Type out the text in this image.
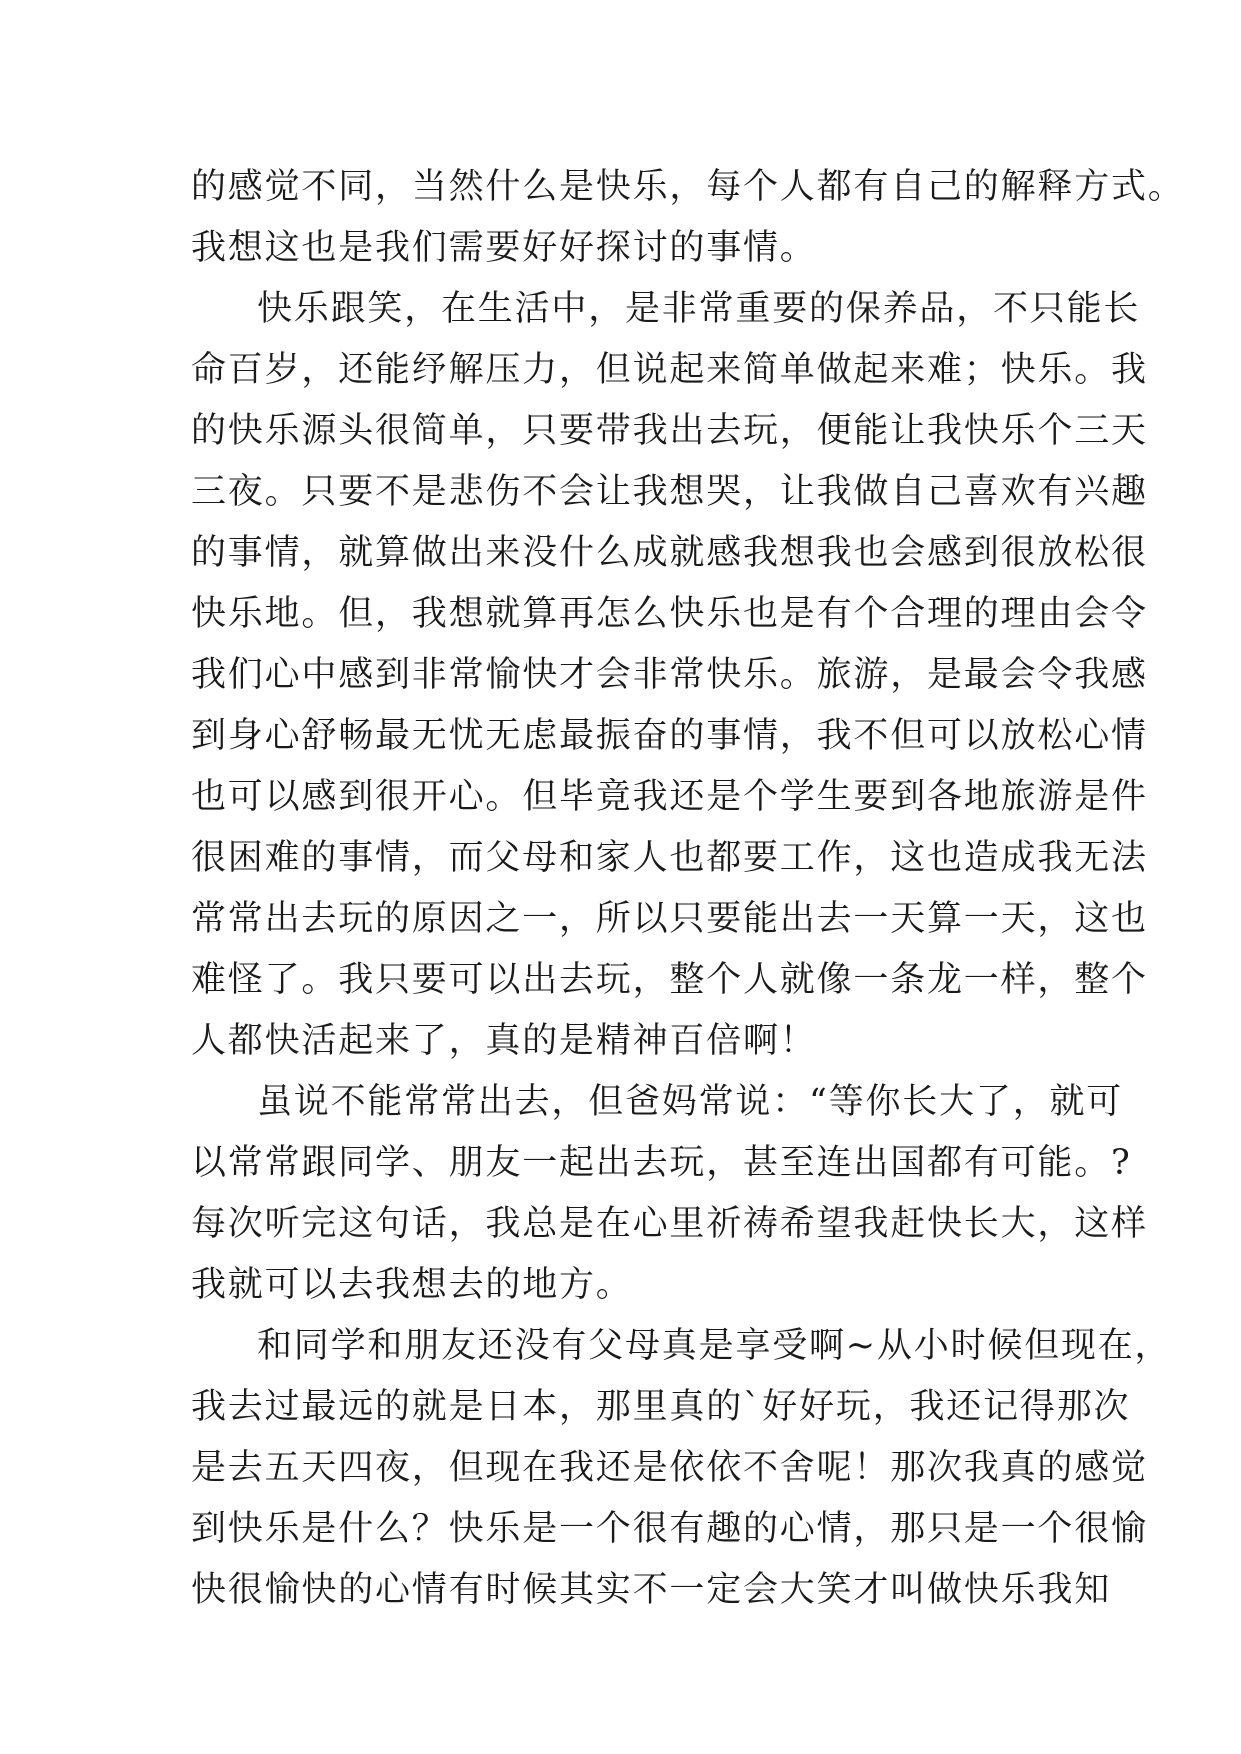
的感觉不同，当然什么是快乐，每个人都有自己的解释方式。
我想这也是我们需要好好探讨的事情。
快乐跟笑，在生活中，是非常重要的保养品，不只能长
命百岁，还能纾解压力，但说起来简单做起来难；快乐。我
的快乐源头很简单，只要带我出去玩，便能让我快乐个三天
三夜。只要不是悲伤不会让我想哭，让我做自己喜欢有兴趣
的事情，就算做出来没什么成就感我想我也会感到很放松很
快乐地。但，我想就算再怎么快乐也是有个合理的理由会令
我们心中感到非常愉快才会非常快乐。旅游，是最会令我感
到身心舒畅最无忧无虑最振奋的事情，我不但可以放松心情
也可以感到很开心。但毕竟我还是个学生要到各地旅游是件
很困难的事情，而父母和家人也都要工作，这也造成我无法
常常出去玩的原因之一，所以只要能出去一天算一天，这也
难怪了。我只要可以出去玩，整个人就像一条龙一样，整个
人都快活起来了，真的是精神百倍啊！
虽说不能常常出去，但爸妈常说：“等你长大了，就可
以常常跟同学、朋友一起出去玩，甚至连出国都有可能。?
每次听完这句话，我总是在心里祈祷希望我赶快长大，这样
我就可以去我想去的地方。
和同学和朋友还没有父母真是享受啊~从小时候但现在，
我去过最远的就是日本，那里真的`好好玩，我还记得那次
是去五天四夜，但现在我还是依依不舍呢！那次我真的感觉
到快乐是什么？快乐是一个很有趣的心情，那只是一个很愉
快很愉快的心情有时候其实不一定会大笑才叫做快乐我知
